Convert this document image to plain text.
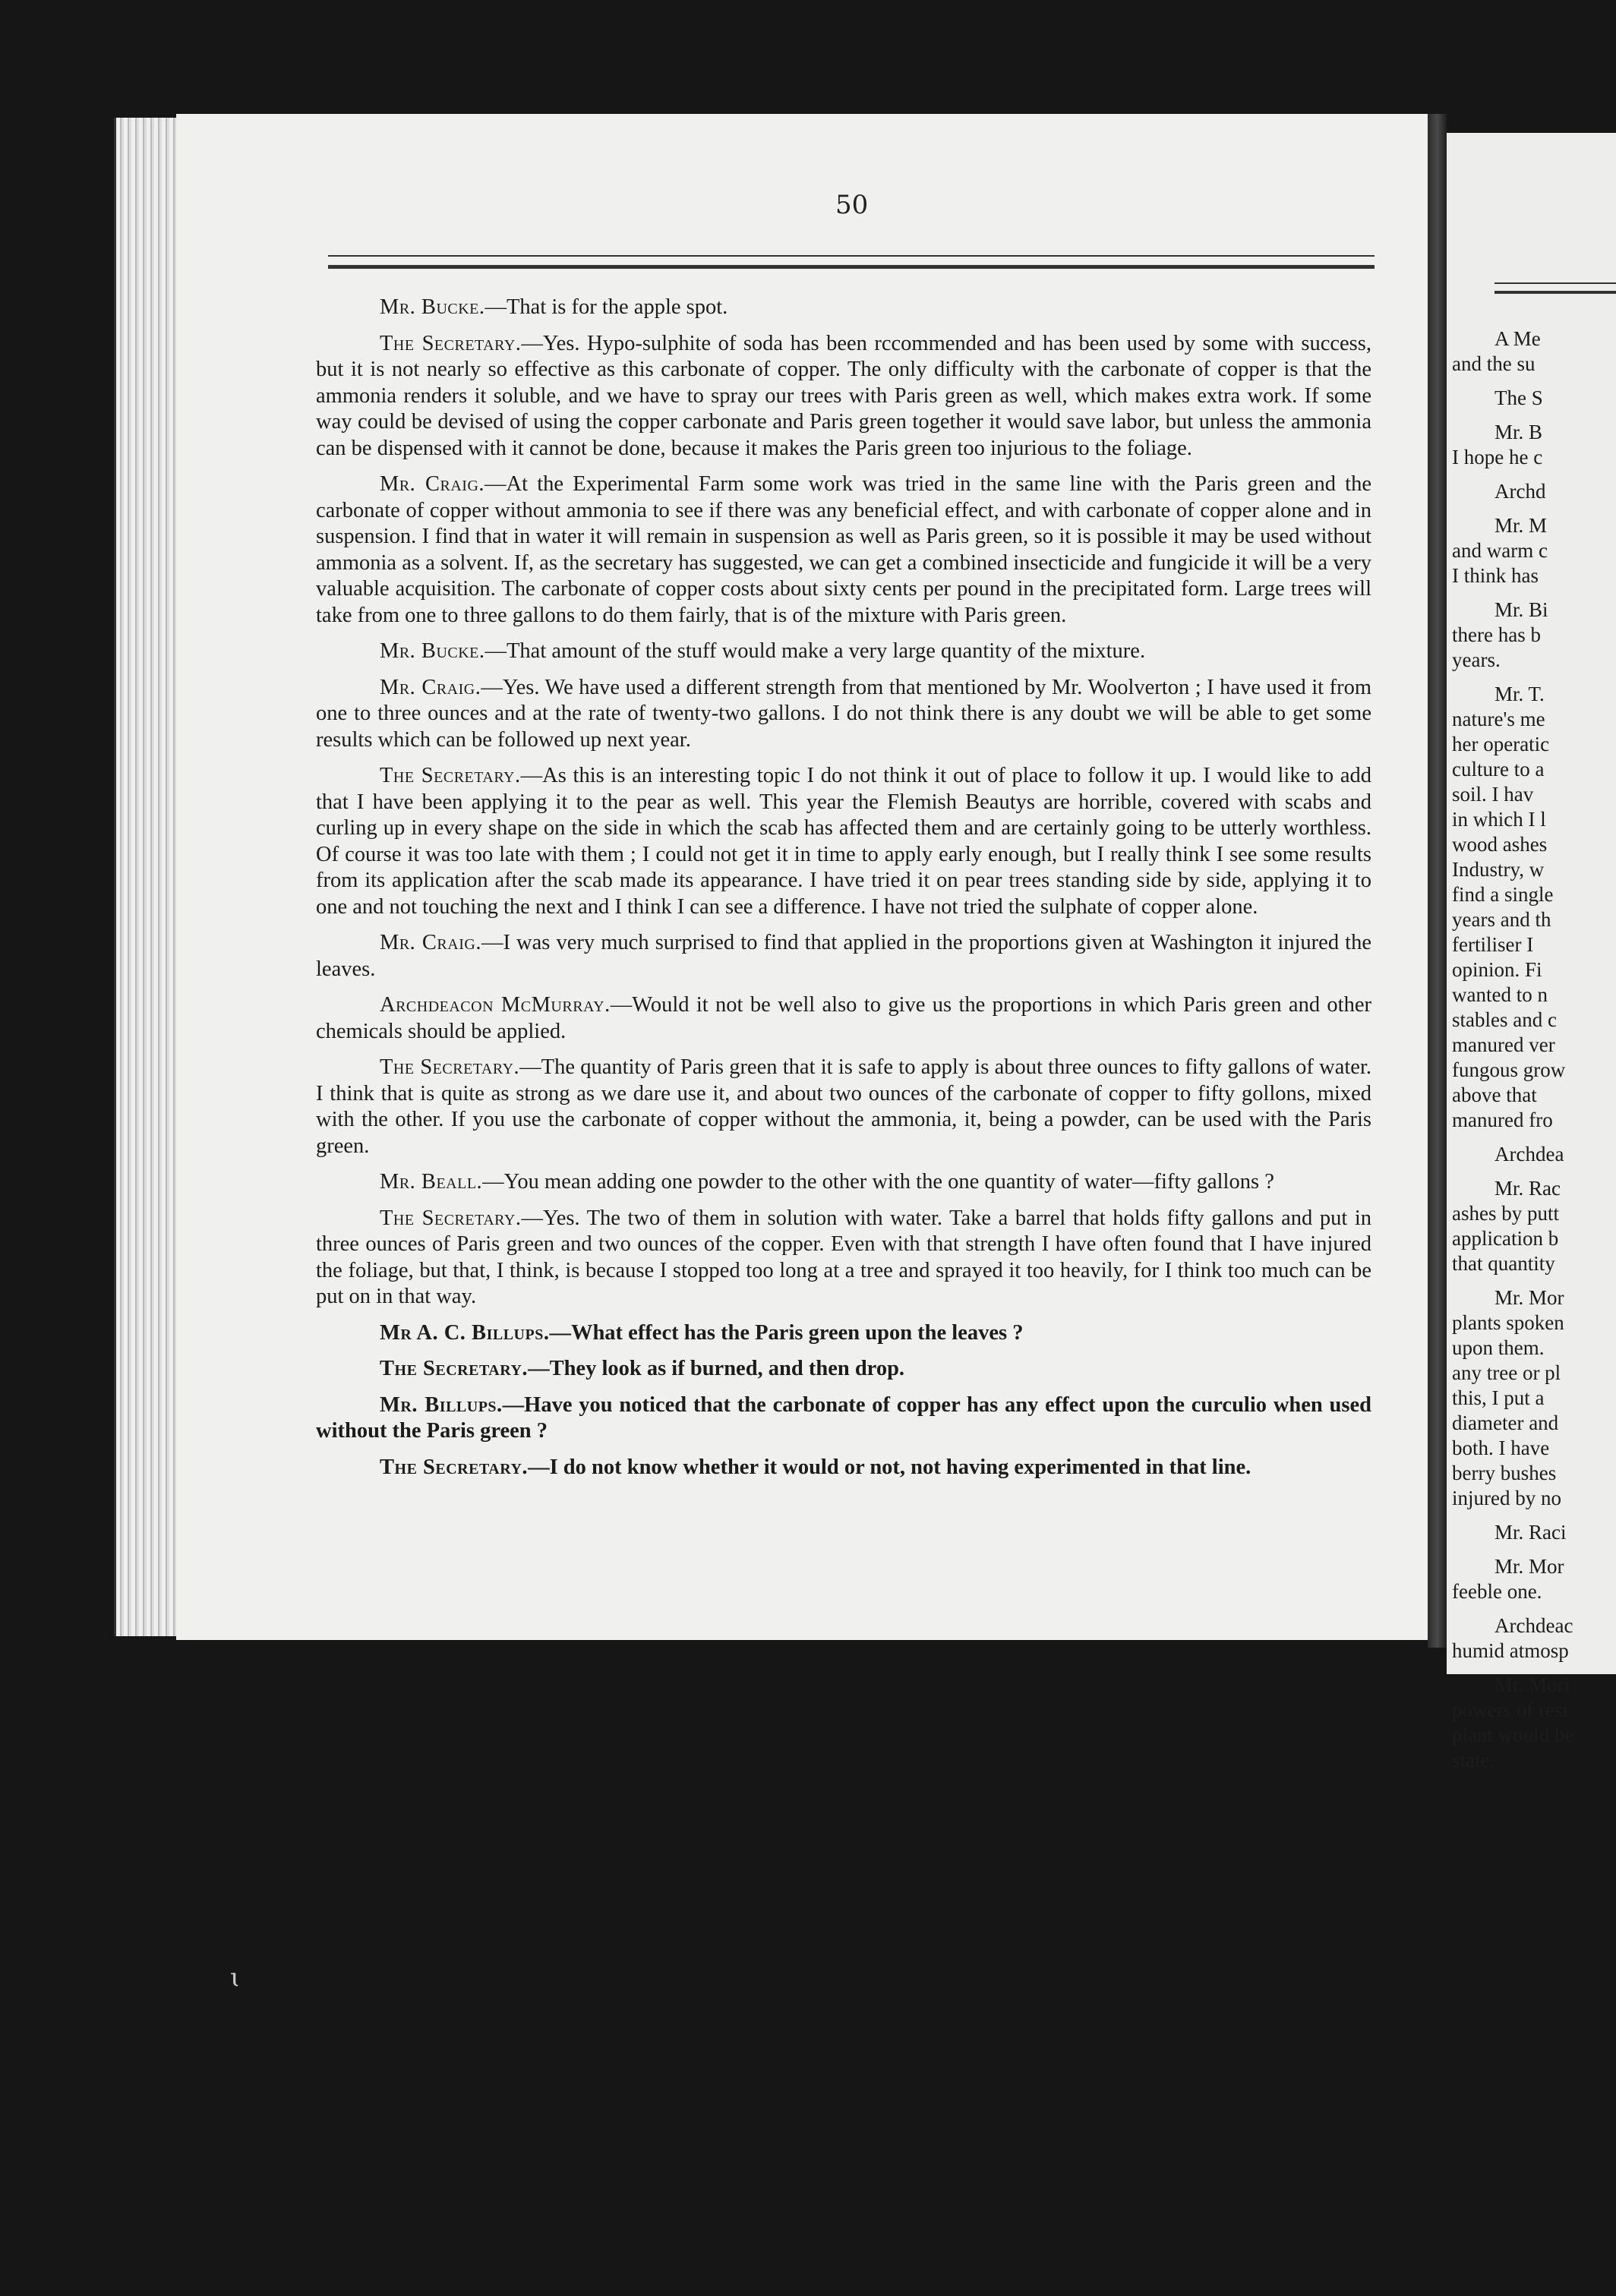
50

Mr. Bucke.—That is for the apple spot.

The Secretary.—Yes. Hypo-sulphite of soda has been rccommended and has been used by some with success, but it is not nearly so effective as this carbonate of copper. The only difficulty with the carbonate of copper is that the ammonia renders it soluble, and we have to spray our trees with Paris green as well, which makes extra work. If some way could be devised of using the copper carbonate and Paris green together it would save labor, but unless the ammonia can be dispensed with it cannot be done, because it makes the Paris green too injurious to the foliage.

Mr. Craig.—At the Experimental Farm some work was tried in the same line with the Paris green and the carbonate of copper without ammonia to see if there was any beneficial effect, and with carbonate of copper alone and in suspension. I find that in water it will remain in suspension as well as Paris green, so it is possible it may be used without ammonia as a solvent. If, as the secretary has suggested, we can get a combined insecticide and fungicide it will be a very valuable acquisition. The carbonate of copper costs about sixty cents per pound in the precipitated form. Large trees will take from one to three gallons to do them fairly, that is of the mixture with Paris green.

Mr. Bucke.—That amount of the stuff would make a very large quantity of the mixture.

Mr. Craig.—Yes. We have used a different strength from that mentioned by Mr. Woolverton ; I have used it from one to three ounces and at the rate of twenty-two gallons. I do not think there is any doubt we will be able to get some results which can be followed up next year.

The Secretary.—As this is an interesting topic I do not think it out of place to follow it up. I would like to add that I have been applying it to the pear as well. This year the Flemish Beautys are horrible, covered with scabs and curling up in every shape on the side in which the scab has affected them and are certainly going to be utterly worthless. Of course it was too late with them ; I could not get it in time to apply early enough, but I really think I see some results from its application after the scab made its appearance. I have tried it on pear trees standing side by side, applying it to one and not touching the next and I think I can see a difference. I have not tried the sulphate of copper alone.

Mr. Craig.—I was very much surprised to find that applied in the proportions given at Washington it injured the leaves.

Archdeacon McMurray.—Would it not be well also to give us the proportions in which Paris green and other chemicals should be applied.

The Secretary.—The quantity of Paris green that it is safe to apply is about three ounces to fifty gallons of water. I think that is quite as strong as we dare use it, and about two ounces of the carbonate of copper to fifty gollons, mixed with the other. If you use the carbonate of copper without the ammonia, it, being a powder, can be used with the Paris green.

Mr. Beall.—You mean adding one powder to the other with the one quantity of water—fifty gallons ?

The Secretary.—Yes. The two of them in solution with water. Take a barrel that holds fifty gallons and put in three ounces of Paris green and two ounces of the copper. Even with that strength I have often found that I have injured the foliage, but that, I think, is because I stopped too long at a tree and sprayed it too heavily, for I think too much can be put on in that way.

Mr A. C. Billups.—What effect has the Paris green upon the leaves ?

The Secretary.—They look as if burned, and then drop.

Mr. Billups.—Have you noticed that the carbonate of copper has any effect upon the curculio when used without the Paris green ?

The Secretary.—I do not know whether it would or not, not having experimented in that line.

A Me
and the su
The S
Mr. B
I hope he c
Archd
Mr. M
and warm c
I think has
Mr. Bi
there has b
years.
Mr. T.
nature's me
her operatic
culture to a
soil. I hav
in which I l
wood ashes
Industry, w
find a single
years and th
fertiliser I
opinion. Fi
wanted to n
stables and c
manured ver
fungous grow
above that
manured fro
Archdea
Mr. Rac
ashes by putt
application b
that quantity
Mr. Mor
plants spoken
upon them.
any tree or pl
this, I put a
diameter and
both. I have
berry bushes
injured by no
Mr. Raci
Mr. Mor
feeble one.
Archdeac
humid atmosp
Mr. Mori
powers of resi
plant would be
state.
ɩ
